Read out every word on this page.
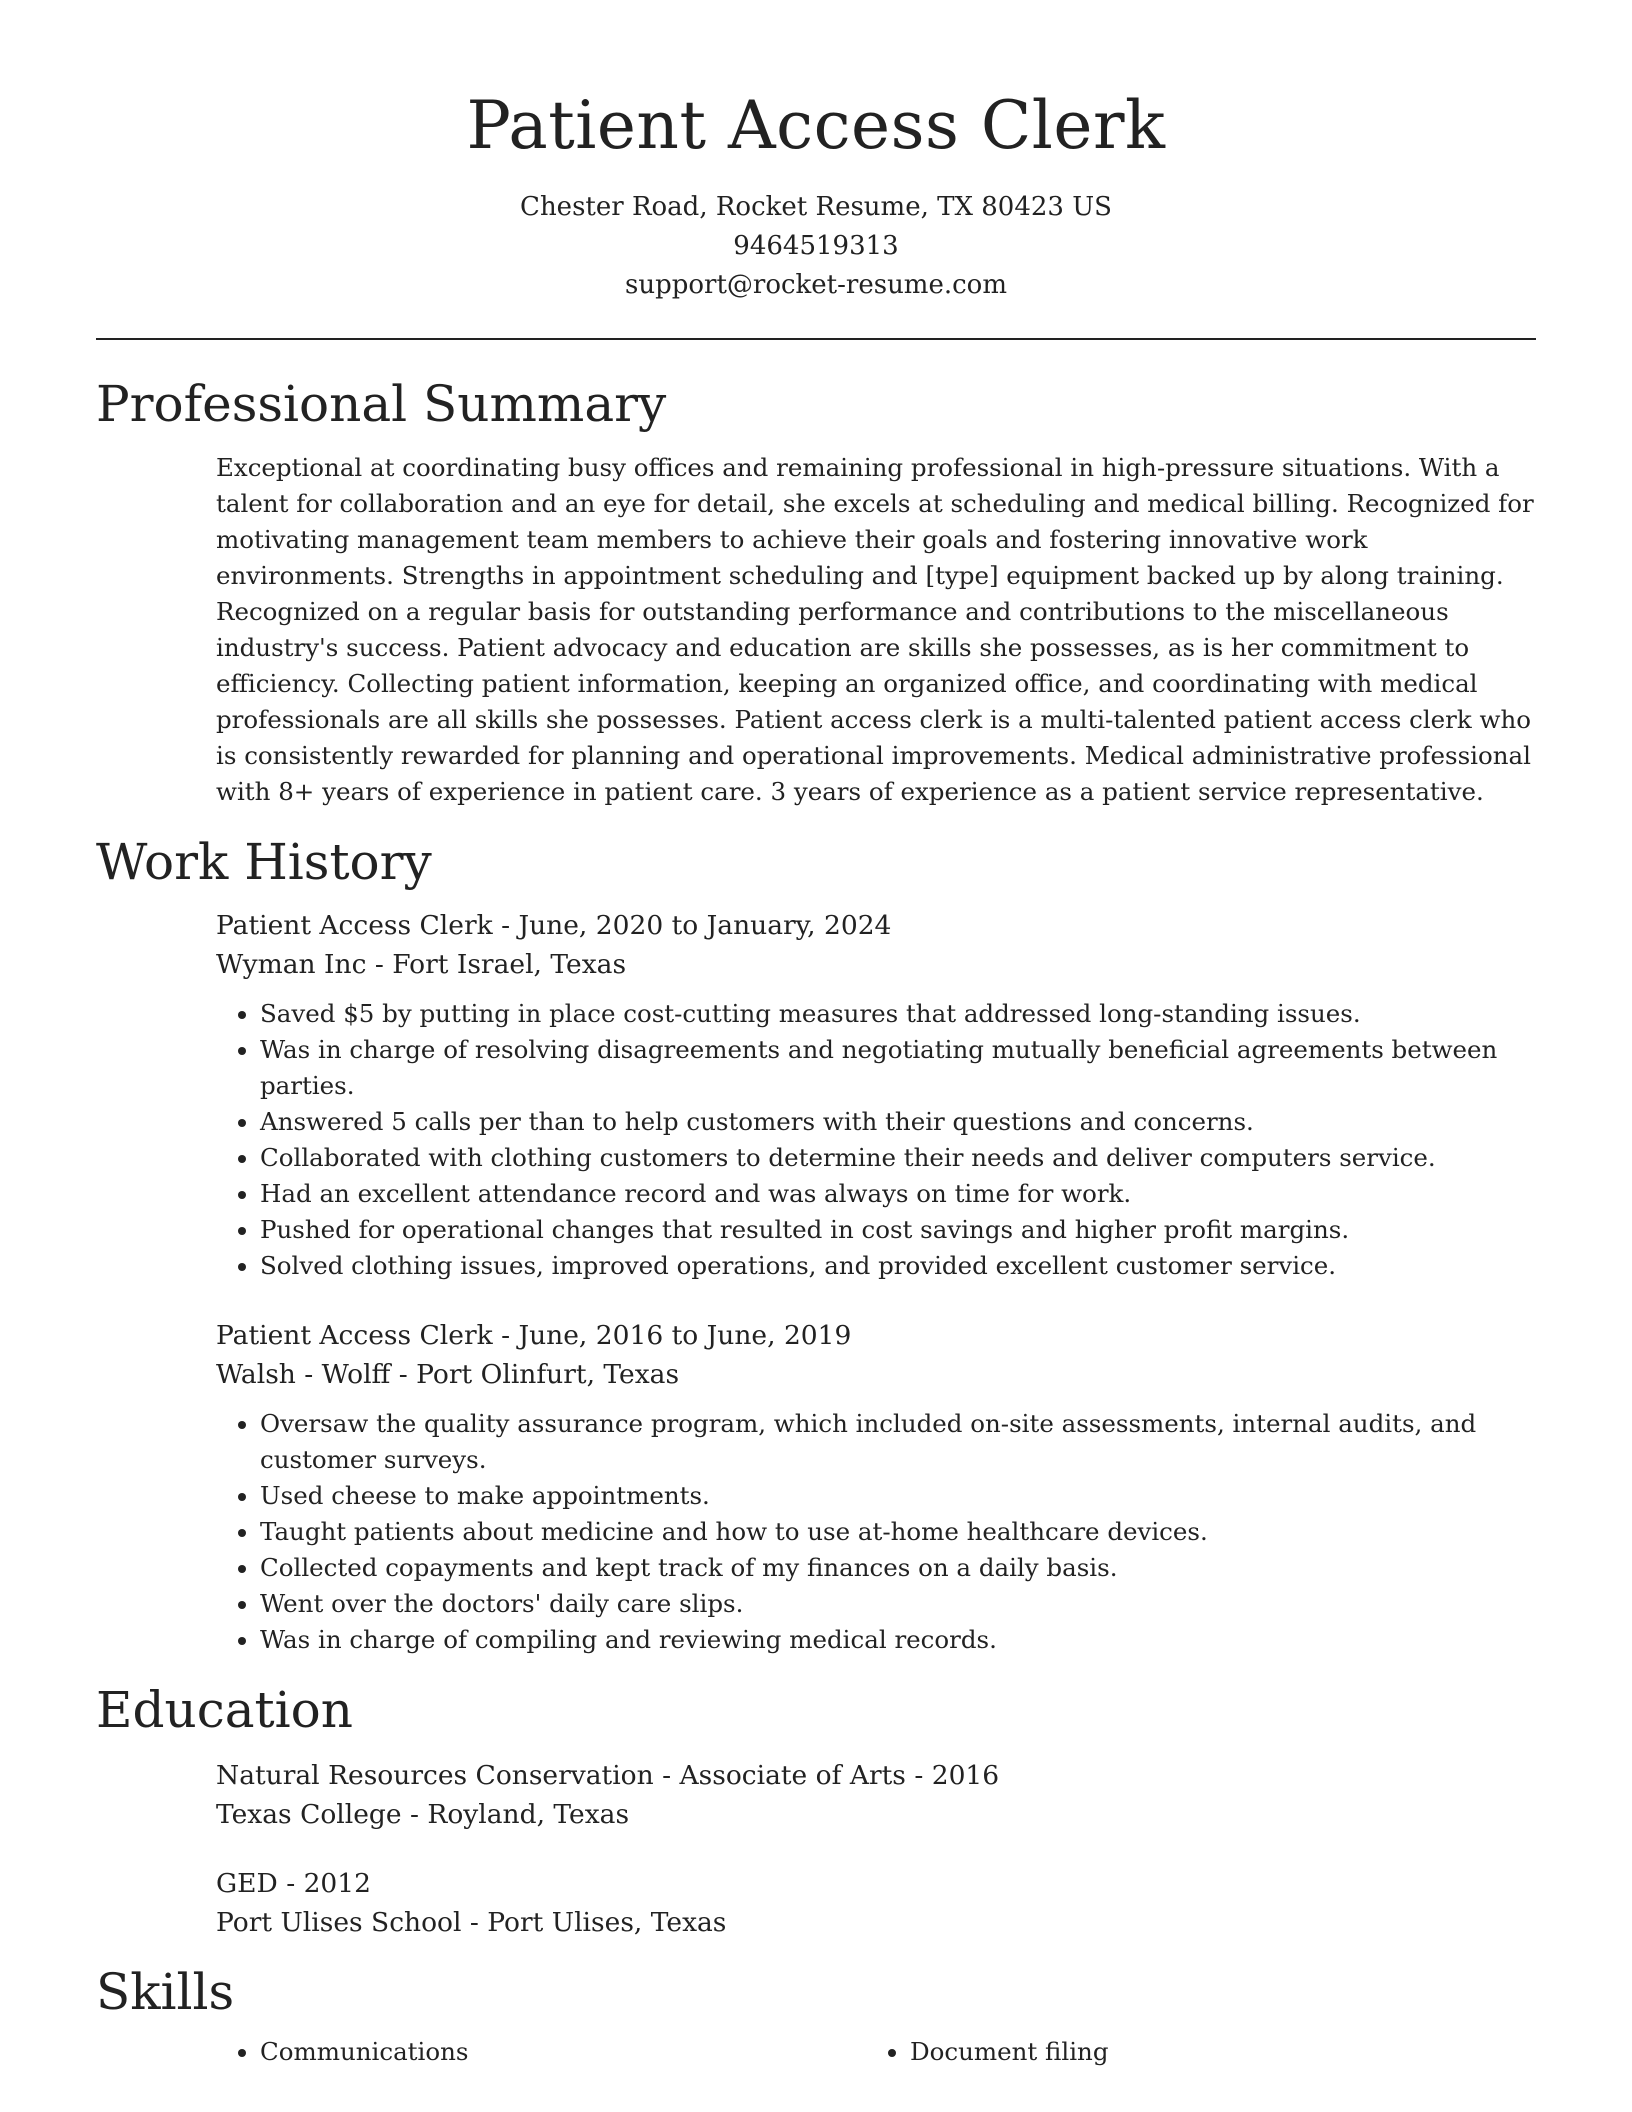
Patient Access Clerk
Chester Road, Rocket Resume, TX 80423 US
9464519313
support@rocket-resume.com
Professional Summary

Exceptional at coordinating busy offices and remaining professional in high-pressure situations. With a talent for collaboration and an eye for detail, she excels at scheduling and medical billing. Recognized for motivating management team members to achieve their goals and fostering innovative work environments. Strengths in appointment scheduling and [type] equipment backed up by along training. Recognized on a regular basis for outstanding performance and contributions to the miscellaneous industry's success. Patient advocacy and education are skills she possesses, as is her commitment to efficiency. Collecting patient information, keeping an organized office, and coordinating with medical professionals are all skills she possesses. Patient access clerk is a multi-talented patient access clerk who is consistently rewarded for planning and operational improvements. Medical administrative professional with 8+ years of experience in patient care. 3 years of experience as a patient service representative.

Work History
Patient Access Clerk - June, 2020 to January, 2024
Wyman Inc - Fort Israel, Texas
• Saved $5 by putting in place cost-cutting measures that addressed long-standing issues.
• Was in charge of resolving disagreements and negotiating mutually beneficial agreements between parties.
• Answered 5 calls per than to help customers with their questions and concerns.
• Collaborated with clothing customers to determine their needs and deliver computers service.
• Had an excellent attendance record and was always on time for work.
• Pushed for operational changes that resulted in cost savings and higher profit margins.
• Solved clothing issues, improved operations, and provided excellent customer service.
Patient Access Clerk - June, 2016 to June, 2019
Walsh - Wolff - Port Olinfurt, Texas
• Oversaw the quality assurance program, which included on-site assessments, internal audits, and customer surveys.
• Used cheese to make appointments.
• Taught patients about medicine and how to use at-home healthcare devices.
• Collected copayments and kept track of my finances on a daily basis.
• Went over the doctors' daily care slips.
• Was in charge of compiling and reviewing medical records.
Education
Natural Resources Conservation - Associate of Arts - 2016
Texas College - Royland, Texas
GED - 2012
Port Ulises School - Port Ulises, Texas
Skills
• Communications
•	Document filing
